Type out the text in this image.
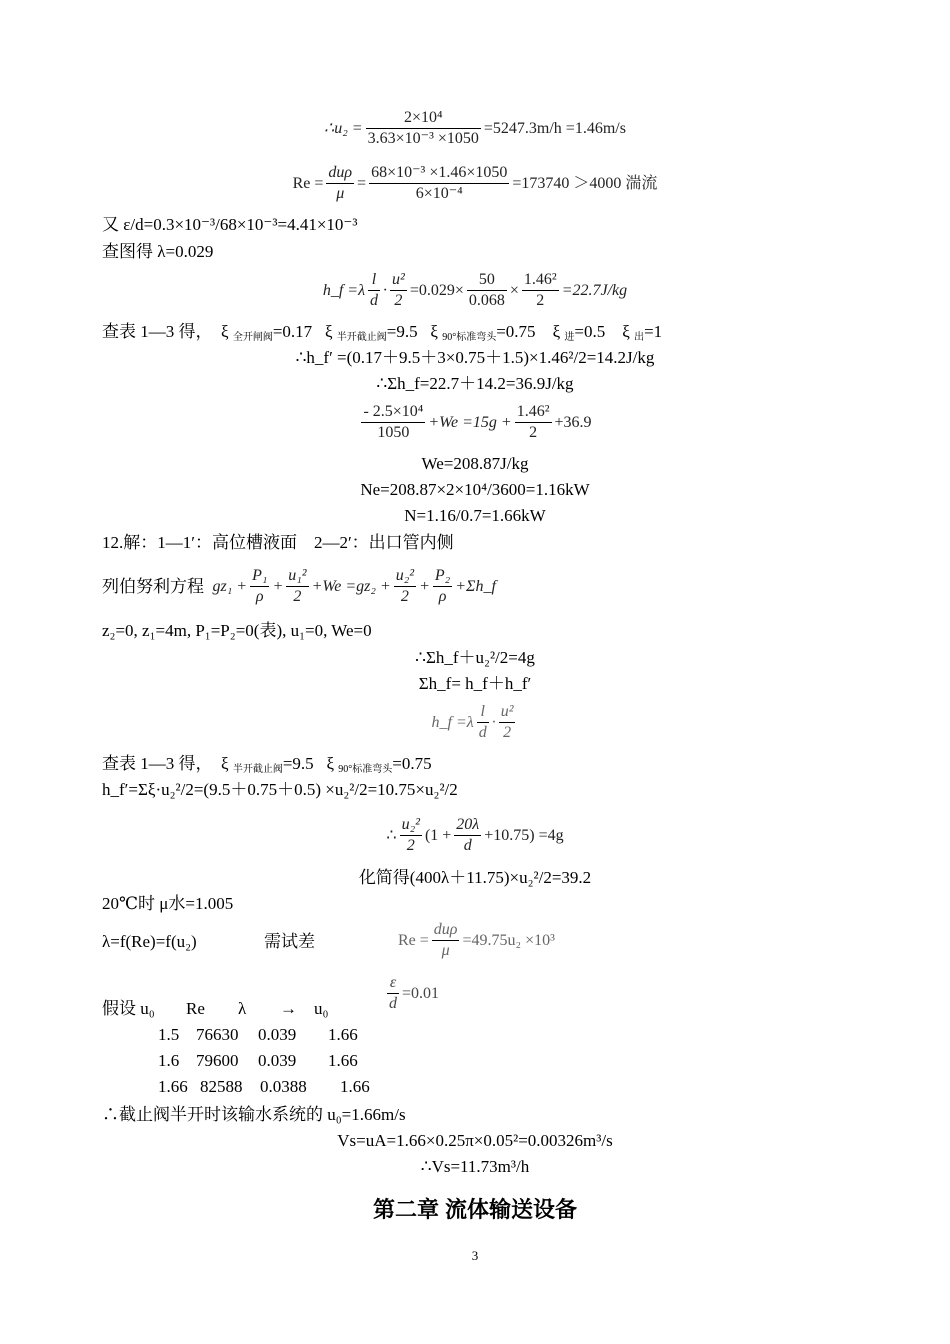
∴u₂ = $\frac{\text{2×10⁴}}{\text{3.63×10⁻³ ×1050}} =5247.3m/h =1.46m/s$
$Re = \frac{\text{duρ}}{\mu} = \frac{\text{68×10⁻³ ×1.46×1050}}{\text{6×10⁻⁴}} =173740 >4000$ 湍流
又 ε/d=0.3×10⁻³/68×10⁻³=4.41×10⁻³
查图得 λ=0.029
h_f $=\lambda \frac{l}{d} \cdot \frac{\text{u²}}{2} =0.029\times \frac{50}{0.068} \times \frac{\text{1.46²}}{2} =22.7J/kg$
查表 1—3 得， ξ 全开闸阀=0.17 ξ 半开截止阀=9.5 ξ 90°标准弯头=0.75 ξ 进=0.5 ξ 出=1
∴h_f′ =(0.17＋9.5＋3×0.75＋1.5)×1.46²/2=14.2J/kg
∴Σh_f=22.7＋14.2=36.9J/kg
$\frac{\text{- 2.5×10⁴}}{1050} +We =15g + \frac{\text{1.46²}}{2} +36.9$
We=208.87J/kg
Ne=208.87×2×10⁴/3600=1.16kW
N=1.16/0.7=1.66kW
12.解：1—1′：高位槽液面　2—2′：出口管内侧
列伯努利方程
$gz_1 + \frac{\text{P₁}}{\rho} + \frac{\text{u₁²}}{2} +We =gz_2 + \frac{\text{u₂²}}{2} + \frac{\text{P₂}}{\rho}$ +Σh_f
z₂=0, z₁=4m, P₁=P₂=0(表), u₁=0, We=0
∴Σh_f＋u₂²/2=4g
Σh_f= h_f＋h_f′
h_f $=\lambda \frac{l}{d} \cdot \frac{\text{u²}}{2}$
查表 1—3 得， ξ 半开截止阀=9.5 ξ 90°标准弯头=0.75
h_f′=Σξ·u₂²/2=(9.5＋0.75＋0.5) ×u₂²/2=10.75×u₂²/2
∴ $\frac{\text{u₂²}}{2} (1 + \frac{20\lambda}{d} +10.75) =4g$
化简得(400λ＋11.75)×u₂²/2=39.2
20℃时 μ水=1.005
λ=f(Re)=f(u₂)	需试差	$Re = \frac{\text{duρ}}{\mu} =49.75u_2 \times 10^3$
$\frac{\varepsilon}{d} =0.01$
假设 u₀ Re λ → u₀
1.5 76630 0.039 1.66
1.6 79600 0.039 1.66
1.66 82588 0.0388 1.66
∴截止阀半开时该输水系统的 u₀=1.66m/s
Vs=uA=1.66×0.25π×0.05²=0.00326m³/s
∴Vs=11.73m³/h
第二章 流体输送设备
3
